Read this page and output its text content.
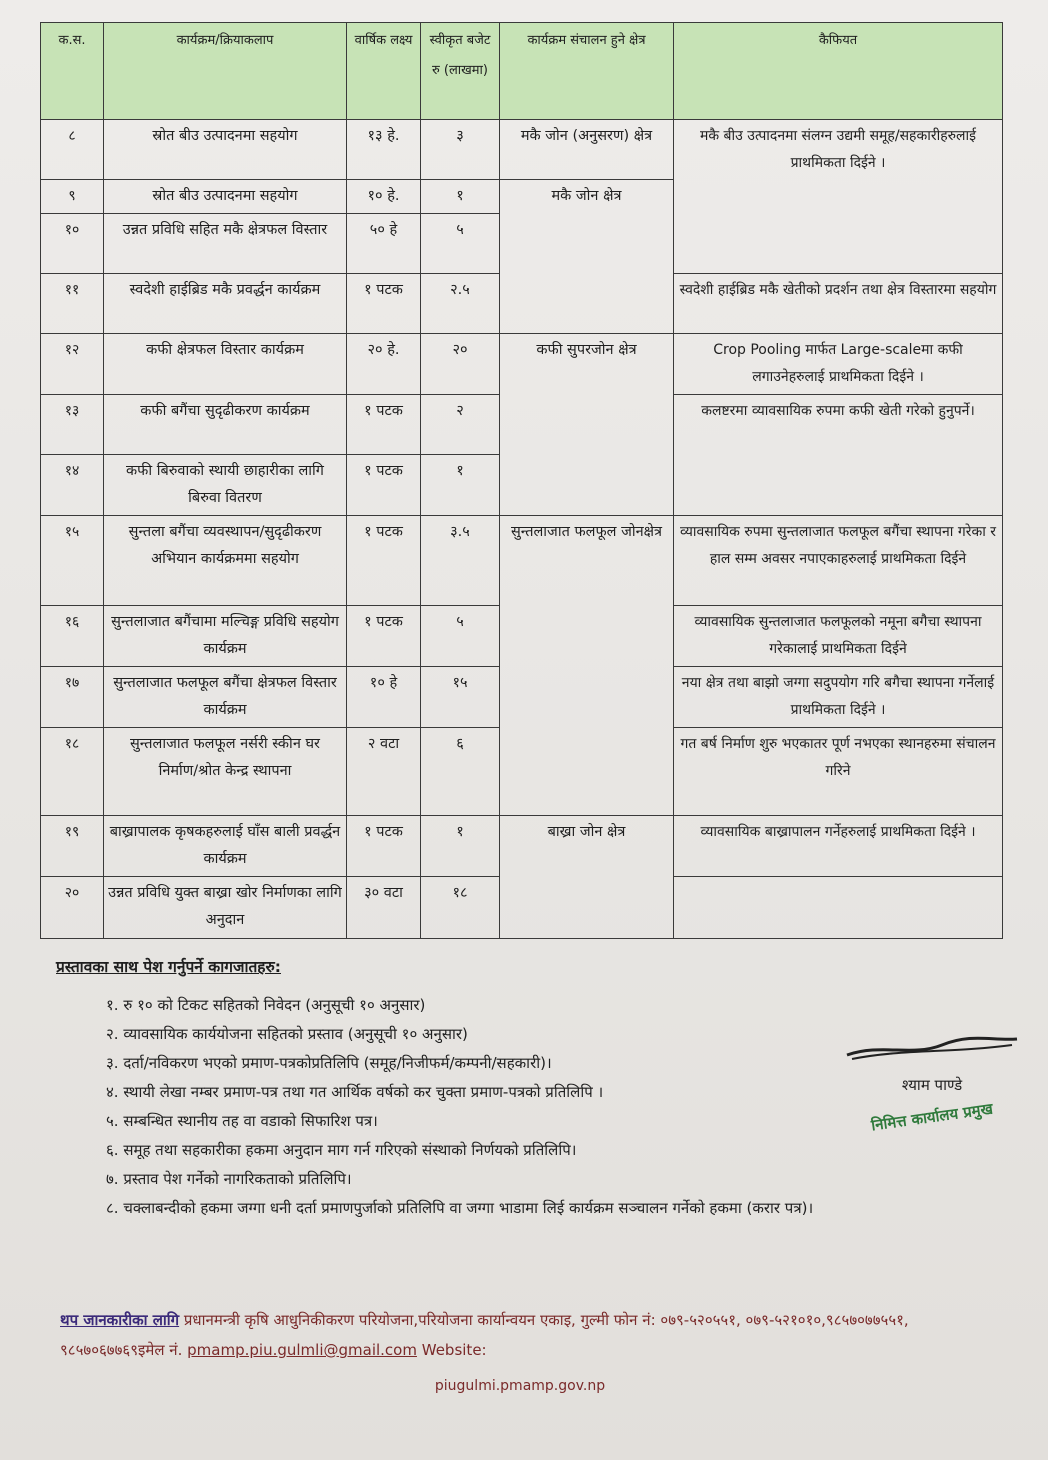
क.स.	कार्यक्रम/क्रियाकलाप	वार्षिक लक्ष्य	स्वीकृत बजेट रु (लाखमा)	कार्यक्रम संचालन हुने क्षेत्र	कैफियत
८	स्रोत बीउ उत्पादनमा सहयोग	१३ हे.	३	मकै जोन (अनुसरण) क्षेत्र	मकै बीउ उत्पादनमा संलग्न उद्यमी समूह/सहकारीहरुलाई प्राथमिकता दिईने ।
९	स्रोत बीउ उत्पादनमा सहयोग	१० हे.	१	मकै जोन क्षेत्र	
१०	उन्नत प्रविधि सहित मकै क्षेत्रफल विस्तार	५० हे	५		
११	स्वदेशी हाईब्रिड मकै प्रवर्द्धन कार्यक्रम	१ पटक	२.५		स्वदेशी हाईब्रिड मकै खेतीको प्रदर्शन तथा क्षेत्र विस्तारमा सहयोग
१२	कफी क्षेत्रफल विस्तार कार्यक्रम	२० हे.	२०	कफी सुपरजोन क्षेत्र	Crop Pooling मार्फत Large-scaleमा कफी लगाउनेहरुलाई प्राथमिकता दिईने ।
१३	कफी बगैंचा सुदृढीकरण कार्यक्रम	१ पटक	२		कलष्टरमा व्यावसायिक रुपमा कफी खेती गरेको हुनुपर्ने।
१४	कफी बिरुवाको स्थायी छाहारीका लागि बिरुवा वितरण	१ पटक	१		
१५	सुन्तला बगैंचा व्यवस्थापन/सुदृढीकरण अभियान कार्यक्रममा सहयोग	१ पटक	३.५	सुन्तलाजात फलफूल जोनक्षेत्र	व्यावसायिक रुपमा सुन्तलाजात फलफूल बगैंचा स्थापना गरेका र हाल सम्म अवसर नपाएकाहरुलाई प्राथमिकता दिईने
१६	सुन्तलाजात बगैंचामा मल्चिङ्ग प्रविधि सहयोग कार्यक्रम	१ पटक	५		व्यावसायिक सुन्तलाजात फलफूलको नमूना बगैचा स्थापना गरेकालाई प्राथमिकता दिईने
१७	सुन्तलाजात फलफूल बगैंचा क्षेत्रफल विस्तार कार्यक्रम	१० हे	१५		नया क्षेत्र तथा बाझो जग्गा सदुपयोग गरि बगैचा स्थापना गर्नेलाई प्राथमिकता दिईने ।
१८	सुन्तलाजात फलफूल नर्सरी स्कीन घर निर्माण/श्रोत केन्द्र स्थापना	२ वटा	६		गत बर्ष निर्माण शुरु भएकातर पूर्ण नभएका स्थानहरुमा संचालन गरिने
१९	बाख्रापालक कृषकहरुलाई घाँस बाली प्रवर्द्धन कार्यक्रम	१ पटक	१	बाख्रा जोन क्षेत्र	व्यावसायिक बाख्रापालन गर्नेहरुलाई प्राथमिकता दिईने ।
२०	उन्नत प्रविधि युक्त बाख्रा खोर निर्माणका लागि अनुदान	३० वटा	१८		
प्रस्तावका साथ पेश गर्नुपर्ने कागजातहरु:
१. रु १० को टिकट सहितको निवेदन (अनुसूची १० अनुसार)
२. व्यावसायिक कार्ययोजना सहितको प्रस्ताव (अनुसूची १० अनुसार)
३. दर्ता/नविकरण भएको प्रमाण-पत्रकोप्रतिलिपि (समूह/निजीफर्म/कम्पनी/सहकारी)।
४. स्थायी लेखा नम्बर प्रमाण-पत्र तथा गत आर्थिक वर्षको कर चुक्ता प्रमाण-पत्रको प्रतिलिपि ।
५. सम्बन्धित स्थानीय तह वा वडाको सिफारिश पत्र।
६. समूह तथा सहकारीका हकमा अनुदान माग गर्न गरिएको संस्थाको निर्णयको प्रतिलिपि।
७. प्रस्ताव पेश गर्नेको नागरिकताको प्रतिलिपि।
८. चक्लाबन्दीको हकमा जग्गा धनी दर्ता प्रमाणपुर्जाको प्रतिलिपि वा जग्गा भाडामा लिई कार्यक्रम सञ्चालन गर्नेको हकमा (करार पत्र)।
श्याम पाण्डे
निमित्त कार्यालय प्रमुख
थप जानकारीका लागि प्रधानमन्त्री कृषि आधुनिकीकरण परियोजना,परियोजना कार्यान्वयन एकाइ, गुल्मी फोन नं: ०७९-५२०५५१, ०७९-५२१०१०,९८५७०७७५५१, ९८५७०६७७६९इमेल नं. pmamp.piu.gulmli@gmail.com Website:
piugulmi.pmamp.gov.np
